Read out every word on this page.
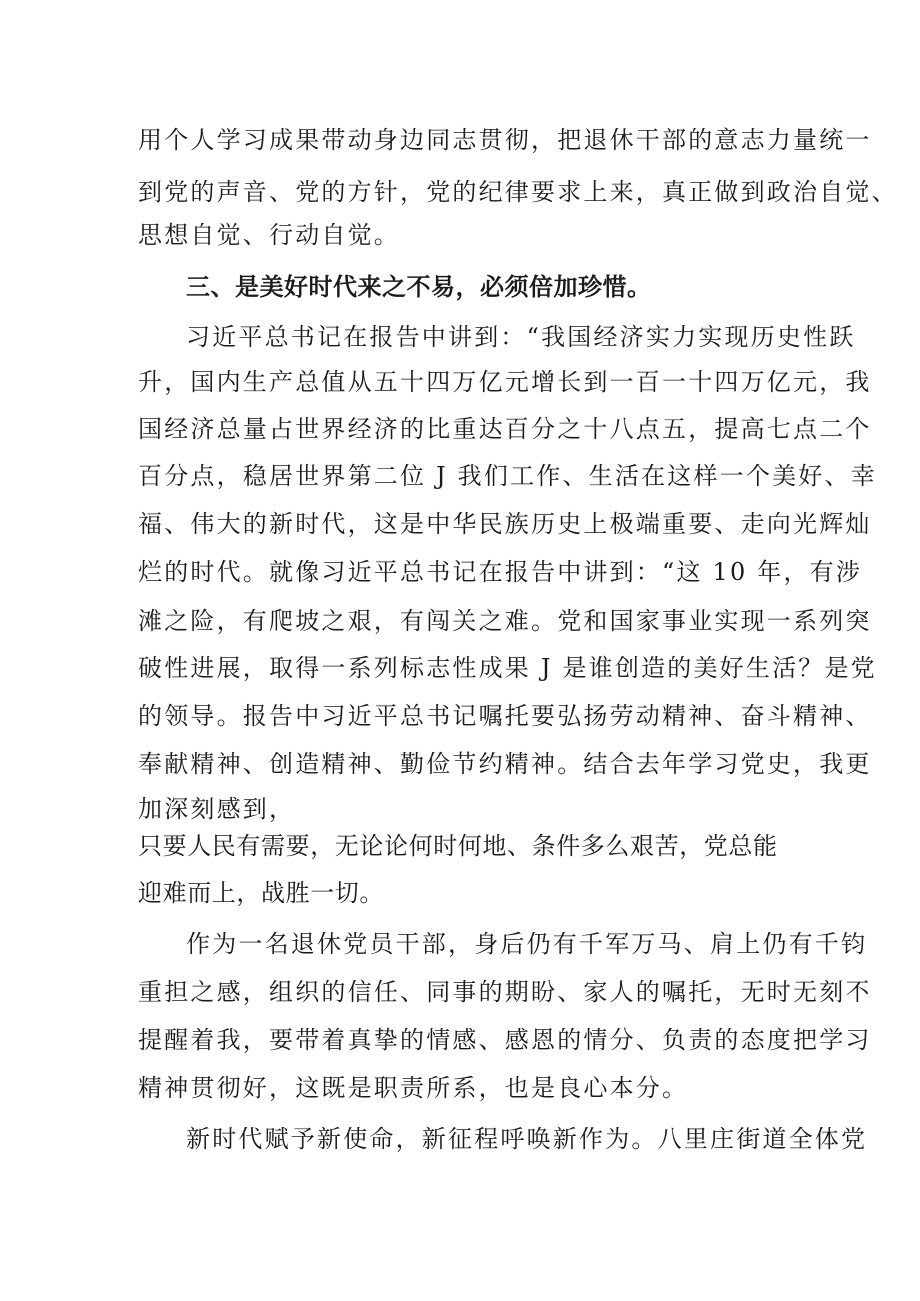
用个人学习成果带动身边同志贯彻，把退休干部的意志力量统一
到党的声音、党的方针，党的纪律要求上来，真正做到政治自觉、
思想自觉、行动自觉。
三、是美好时代来之不易，必须倍加珍惜。
习近平总书记在报告中讲到：“我国经济实力实现历史性跃
升，国内生产总值从五十四万亿元增长到一百一十四万亿元，我
国经济总量占世界经济的比重达百分之十八点五，提高七点二个
百分点，稳居世界第二位 J 我们工作、生活在这样一个美好、幸
福、伟大的新时代，这是中华民族历史上极端重要、走向光辉灿
烂的时代。就像习近平总书记在报告中讲到：“这 10 年，有涉
滩之险，有爬坡之艰，有闯关之难。党和国家事业实现一系列突
破性进展，取得一系列标志性成果 J 是谁创造的美好生活？是党
的领导。报告中习近平总书记嘱托要弘扬劳动精神、奋斗精神、
奉献精神、创造精神、勤俭节约精神。结合去年学习党史，我更
加深刻感到，
只要人民有需要，无论论何时何地、条件多么艰苦，党总能
迎难而上，战胜一切。
作为一名退休党员干部，身后仍有千军万马、肩上仍有千钧
重担之感，组织的信任、同事的期盼、家人的嘱托，无时无刻不
提醒着我，要带着真挚的情感、感恩的情分、负责的态度把学习
精神贯彻好，这既是职责所系，也是良心本分。
新时代赋予新使命，新征程呼唤新作为。八里庄街道全体党
